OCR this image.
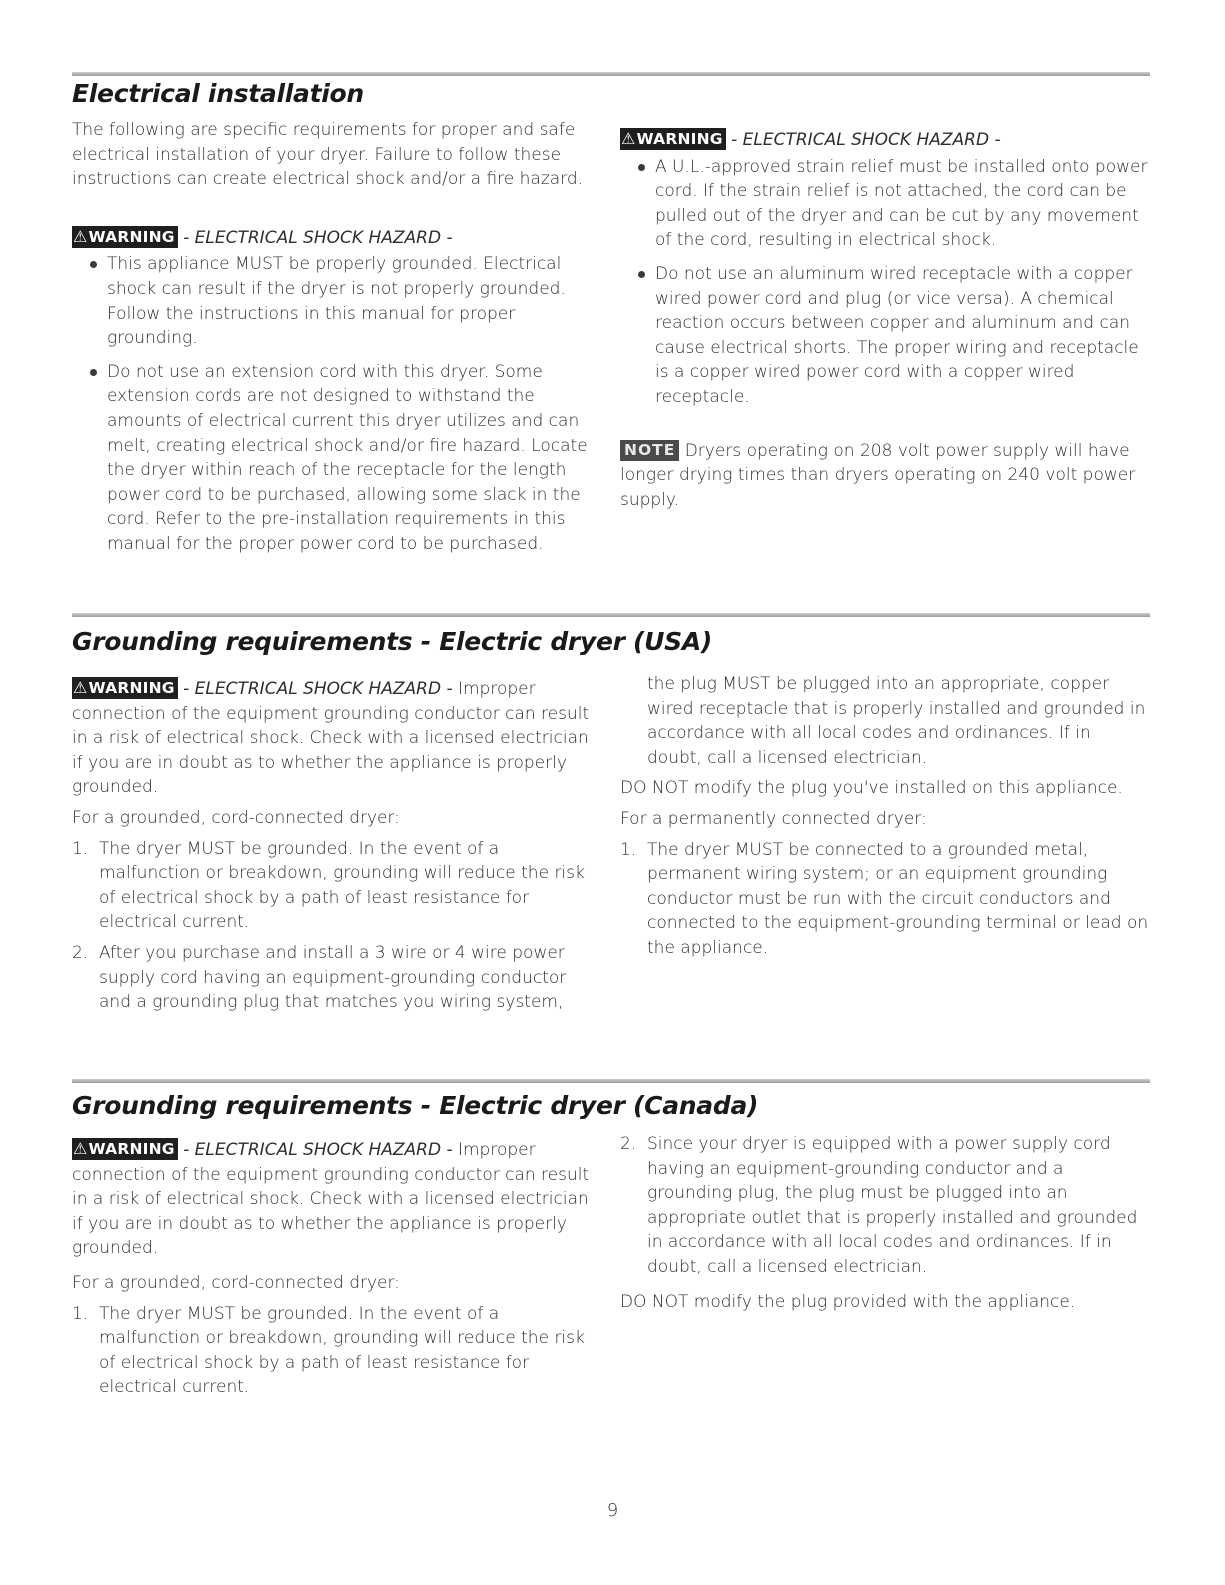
Electrical installation

The following are specific requirements for proper and safe electrical installation of your dryer. Failure to follow these instructions can create electrical shock and/or a fire hazard.

⚠WARNING - ELECTRICAL SHOCK HAZARD -

This appliance MUST be properly grounded. Electrical shock can result if the dryer is not properly grounded. Follow the instructions in this manual for proper grounding.
Do not use an extension cord with this dryer. Some extension cords are not designed to withstand the amounts of electrical current this dryer utilizes and can melt, creating electrical shock and/or fire hazard. Locate the dryer within reach of the receptacle for the length power cord to be purchased, allowing some slack in the cord. Refer to the pre-installation requirements in this manual for the proper power cord to be purchased.

⚠WARNING - ELECTRICAL SHOCK HAZARD -

A U.L.-approved strain relief must be installed onto power cord. If the strain relief is not attached, the cord can be pulled out of the dryer and can be cut by any movement of the cord, resulting in electrical shock.
Do not use an aluminum wired receptacle with a copper wired power cord and plug (or vice versa). A chemical reaction occurs between copper and aluminum and can cause electrical shorts. The proper wiring and receptacle is a copper wired power cord with a copper wired receptacle.

NOTE Dryers operating on 208 volt power supply will have longer drying times than dryers operating on 240 volt power supply.

Grounding requirements - Electric dryer (USA)

⚠WARNING - ELECTRICAL SHOCK HAZARD - Improper connection of the equipment grounding conductor can result in a risk of electrical shock. Check with a licensed electrician if you are in doubt as to whether the appliance is properly grounded.

For a grounded, cord-connected dryer:

1. The dryer MUST be grounded. In the event of a malfunction or breakdown, grounding will reduce the risk of electrical shock by a path of least resistance for electrical current.
2. After you purchase and install a 3 wire or 4 wire power supply cord having an equipment-grounding conductor and a grounding plug that matches you wiring system,

the plug MUST be plugged into an appropriate, copper wired receptacle that is properly installed and grounded in accordance with all local codes and ordinances. If in doubt, call a licensed electrician.

DO NOT modify the plug you've installed on this appliance.

For a permanently connected dryer:

1. The dryer MUST be connected to a grounded metal, permanent wiring system; or an equipment grounding conductor must be run with the circuit conductors and connected to the equipment-grounding terminal or lead on the appliance.
Grounding requirements - Electric dryer (Canada)

⚠WARNING - ELECTRICAL SHOCK HAZARD - Improper connection of the equipment grounding conductor can result in a risk of electrical shock. Check with a licensed electrician if you are in doubt as to whether the appliance is properly grounded.

For a grounded, cord-connected dryer:

1. The dryer MUST be grounded. In the event of a malfunction or breakdown, grounding will reduce the risk of electrical shock by a path of least resistance for electrical current.
2. Since your dryer is equipped with a power supply cord having an equipment-grounding conductor and a grounding plug, the plug must be plugged into an appropriate outlet that is properly installed and grounded in accordance with all local codes and ordinances. If in doubt, call a licensed electrician.

DO NOT modify the plug provided with the appliance.

9
